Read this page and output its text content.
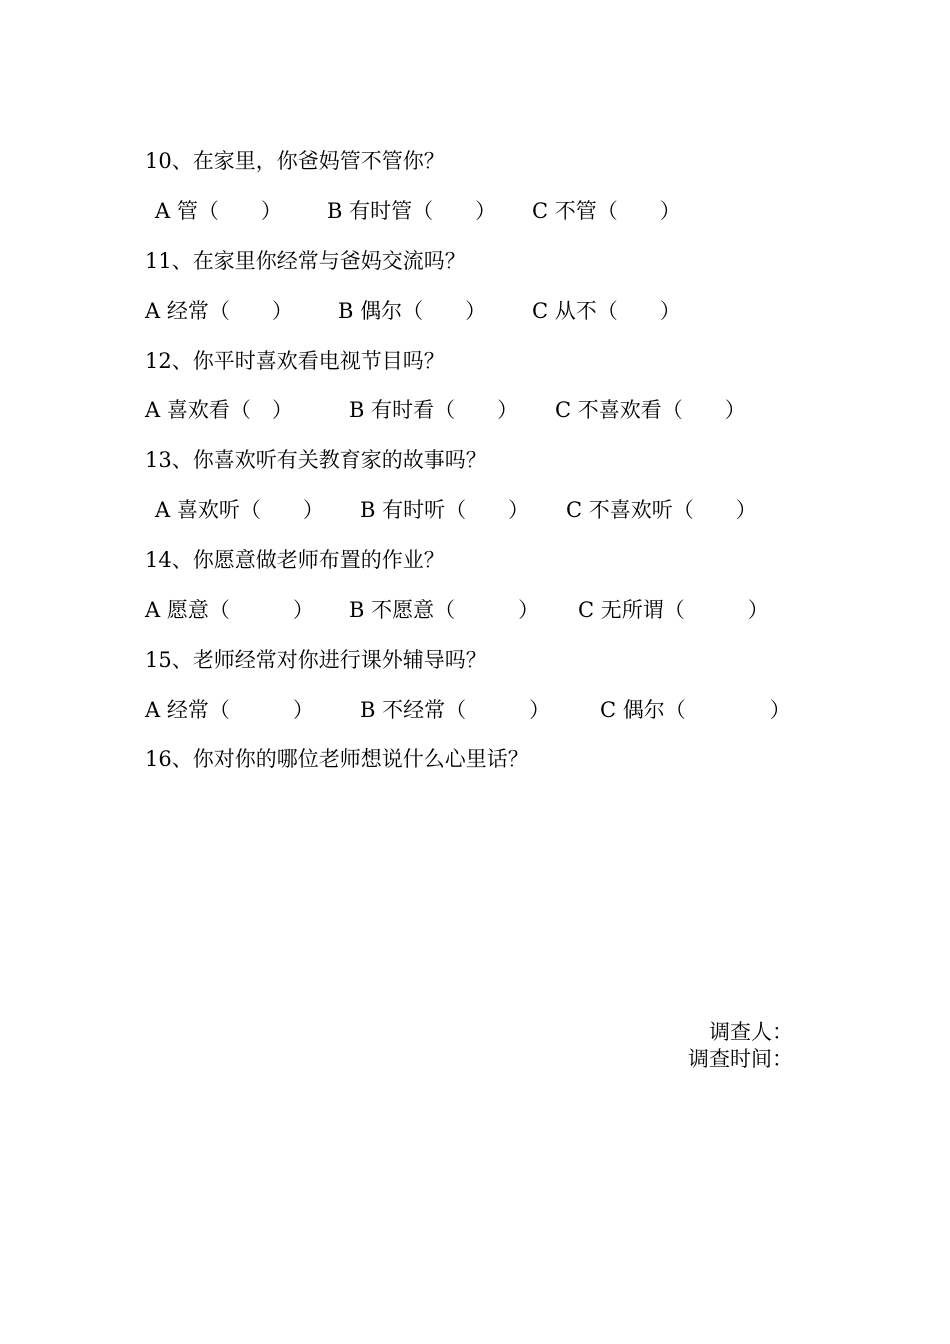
10、在家里，你爸妈管不管你？
A 管（　　） B 有时管（　　） C 不管（　　）
11、在家里你经常与爸妈交流吗？
A 经常（　　） B 偶尔（　　） C 从不（　　）
12、你平时喜欢看电视节目吗？
A 喜欢看（　）	B 有时看（　　） C 不喜欢看（　　）
13、你喜欢听有关教育家的故事吗？
A 喜欢听（　　） B 有时听（　　） C 不喜欢听（　　）
14、你愿意做老师布置的作业？
A 愿意（　　　） B 不愿意（　　　） C 无所谓（　　　）
15、老师经常对你进行课外辅导吗？
A 经常（　　　） B 不经常（　　　） C 偶尔（　　　　）
16、你对你的哪位老师想说什么心里话？
调查人：
调查时间：
